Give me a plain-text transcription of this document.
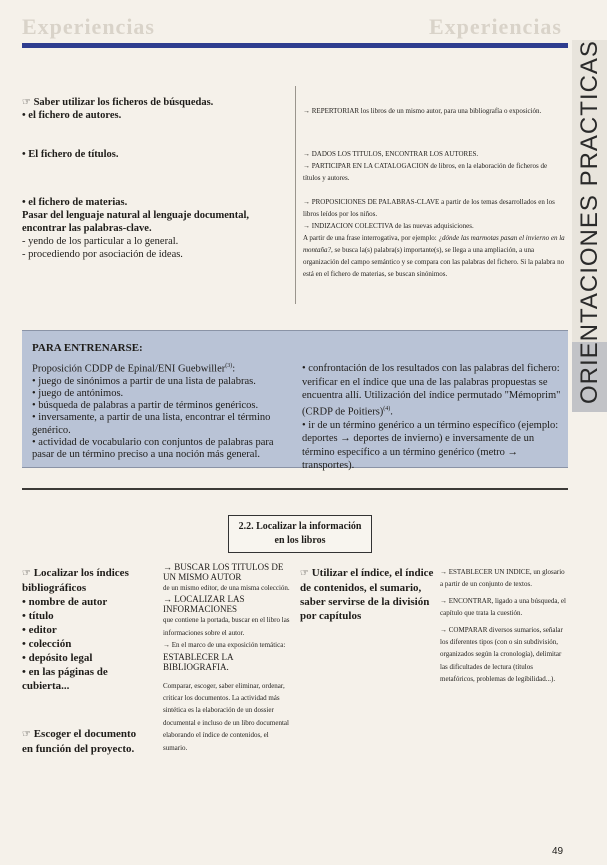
Experiencias	Experiencias
ORIENTACIONES PRACTICAS
☞ Saber utilizar los ficheros de búsquedas.
• el fichero de autores.	→ REPERTORIAR los libros de un mismo autor, para una bibliografía o exposición.
• El fichero de títulos.	→ DADOS LOS TITULOS, ENCONTRAR LOS AUTORES.
→ PARTICIPAR EN LA CATALOGACION de libros, en la elaboración de ficheros de títulos y autores.
• el fichero de materias.
Pasar del lenguaje natural al lenguaje documental, encontrar las palabras-clave.
- yendo de los particular a lo general.
- procediendo por asociación de ideas.
→ PROPOSICIONES DE PALABRAS-CLAVE a partir de los temas desarrollados en los libros leídos por los niños.
→ INDIZACION COLECTIVA de las nuevas adquisiciones.
A partir de una frase interrogativa, por ejemplo: ¿dónde las marmotas pasan el invierno en la montaña?, se busca la(s) palabra(s) importante(s), se llega a una ampliación, a una organización del campo semántico y se compara con las palabras del fichero. Si la palabra no está en el fichero de materias, se buscan sinónimos.
PARA ENTRENARSE:
Proposición CDDP de Epinal/ENI Guebwiller$^{(3)}$:
• juego de sinónimos a partir de una lista de palabras.
• juego de antónimos.
• búsqueda de palabras a partir de términos genéricos.
• inversamente, a partir de una lista, encontrar el término genérico.
• actividad de vocabulario con conjuntos de palabras para pasar de un término preciso a una noción más general.
• confrontación de los resultados con las palabras del fichero: verificar en el índice que una de las palabras propuestas se encuentra allí. Utilización del índice permutado "Mémoprim" (CRDP de Poitiers)$^{(4)}$.
• ir de un término genérico a un término específico (ejemplo: deportes → deportes de invierno) e inversamente de un término específico a un término genérico (metro → transportes).
2.2. Localizar la información
en los libros
☞ Localizar los índices bibliográficos
• nombre de autor
• título
• editor
• colección
• depósito legal
• en las páginas de cubierta...
☞ Escoger el documento en función del proyecto.
→ BUSCAR LOS TITULOS DE UN MISMO AUTOR

de un mismo editor, de una misma colección.

→ LOCALIZAR LAS INFORMACIONES

que contiene la portada, buscar en el libro las informaciones sobre el autor.

→ En el marco de una exposición temática:

ESTABLECER LA BIBLIOGRAFIA.

Comparar, escoger, saber eliminar, ordenar, criticar los documentos. La actividad más sintética es la elaboración de un dossier documental e incluso de un libro documental elaborando el índice de contenidos, el sumario.

☞ Utilizar el índice, el índice de contenidos, el sumario, saber servirse de la división por capítulos

→ ESTABLECER UN INDICE, un glosario a partir de un conjunto de textos.

→ ENCONTRAR, ligado a una búsqueda, el capítulo que trata la cuestión.

→ COMPARAR diversos sumarios, señalar los diferentes tipos (con o sin subdivisión, organizados según la cronología), delimitar las dificultades de lectura (títulos metafóricos, problemas de legibilidad...).

49
